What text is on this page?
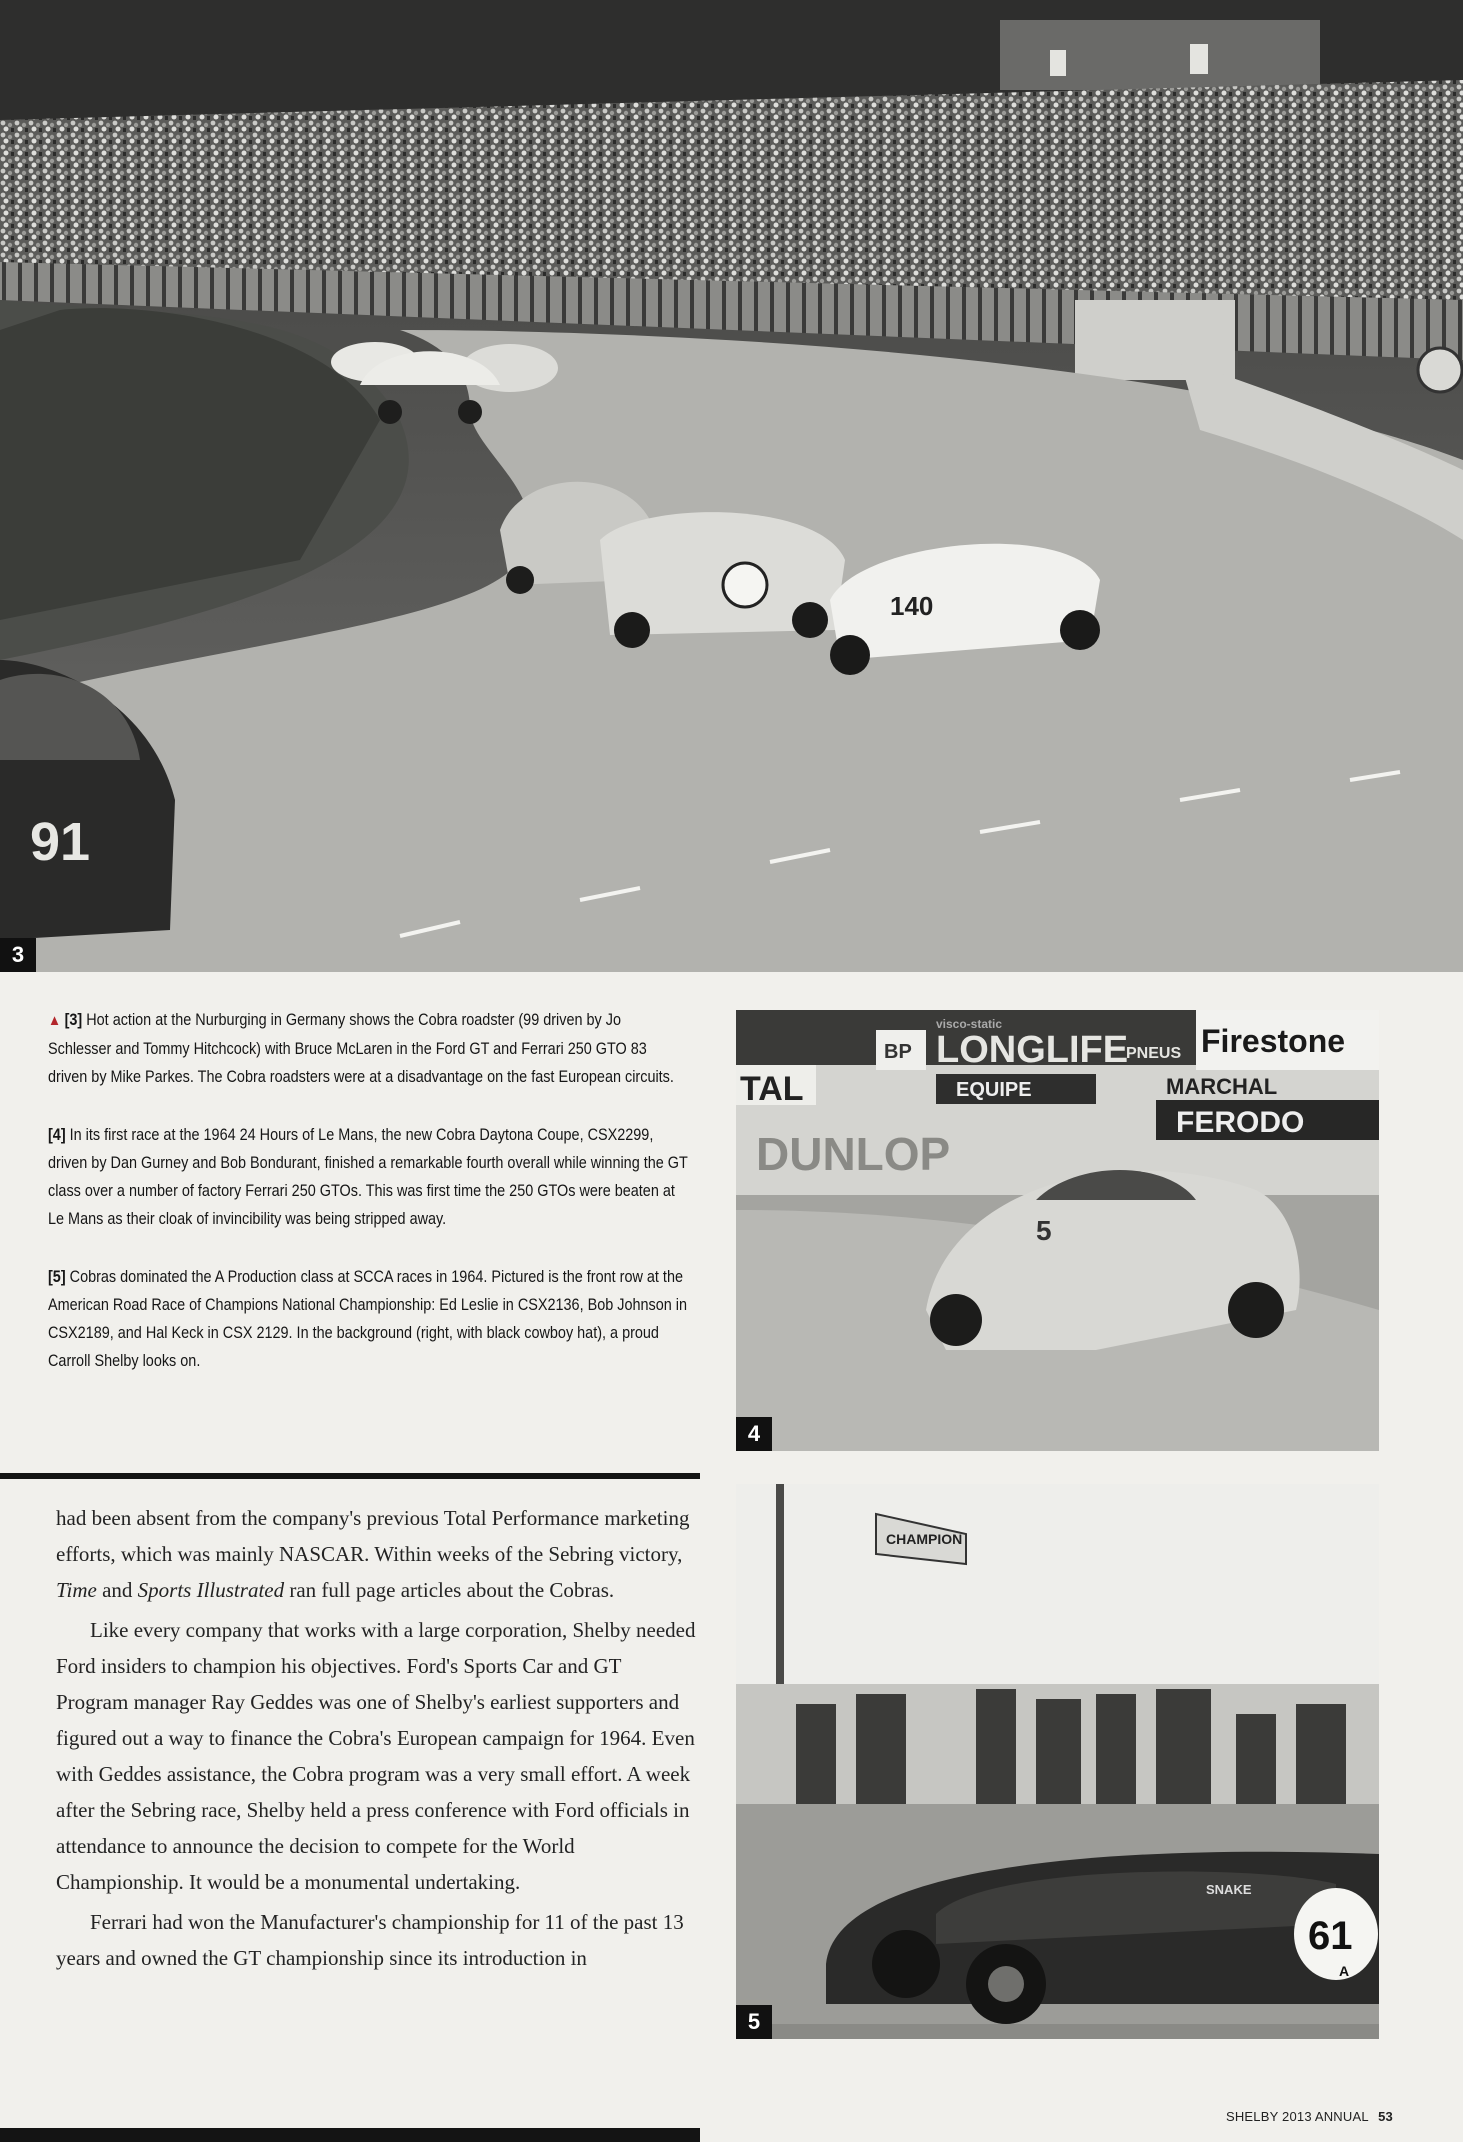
140
91
3

▲ [3] Hot action at the Nurburging in Germany shows the Cobra roadster (99 driven by Jo Schlesser and Tommy Hitchcock) with Bruce McLaren in the Ford GT and Ferrari 250 GTO 83 driven by Mike Parkes. The Cobra roadsters were at a disadvantage on the fast European circuits.

[4] In its first race at the 1964 24 Hours of Le Mans, the new Cobra Daytona Coupe, CSX2299, driven by Dan Gurney and Bob Bondurant, finished a remarkable fourth overall while winning the GT class over a number of factory Ferrari 250 GTOs. This was first time the 250 GTOs were beaten at Le Mans as their cloak of invincibility was being stripped away.

[5] Cobras dominated the A Production class at SCCA races in 1964. Pictured is the front row at the American Road Race of Champions National Championship: Ed Leslie in CSX2136, Bob Johnson in CSX2189, and Hal Keck in CSX 2129. In the background (right, with black cowboy hat), a proud Carroll Shelby looks on.

TAL
BP
visco-static
LONGLIFE
PNEUS Firestone
EQUIPE	MARCHAL
FERODO
DUNLOP
5
4
CHAMPION
61
A
SNAKE
5

had been absent from the company's previous Total Performance marketing efforts, which was mainly NASCAR. Within weeks of the Sebring victory, Time and Sports Illustrated ran full page articles about the Cobras.

Like every company that works with a large corporation, Shelby needed Ford insiders to champion his objectives. Ford's Sports Car and GT Program manager Ray Geddes was one of Shelby's earliest supporters and figured out a way to finance the Cobra's European campaign for 1964. Even with Geddes assistance, the Cobra program was a very small effort. A week after the Sebring race, Shelby held a press conference with Ford officials in attendance to announce the decision to compete for the World Championship. It would be a monumental undertaking.

Ferrari had won the Manufacturer's championship for 11 of the past 13 years and owned the GT championship since its introduction in

SHELBY 2013 ANNUAL 53
